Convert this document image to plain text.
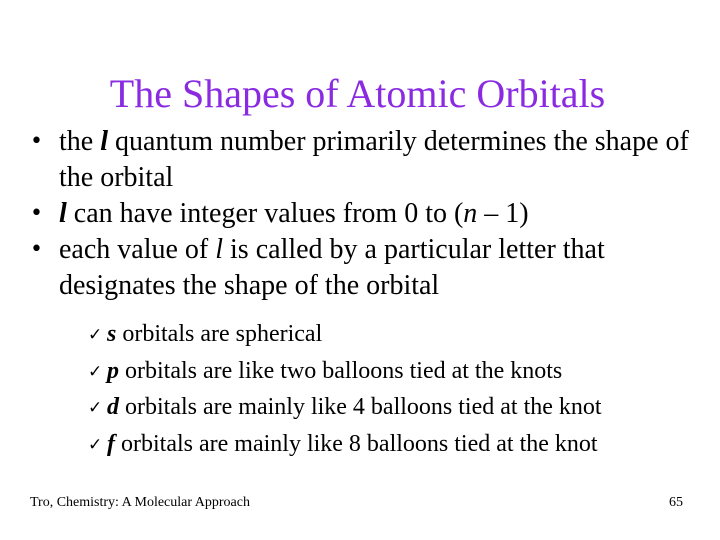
The Shapes of Atomic Orbitals
• the l quantum number primarily determines the shape of the orbital
• l can have integer values from 0 to (n – 1)
• each value of l is called by a particular letter that designates the shape of the orbital
✓ s orbitals are spherical
✓ p orbitals are like two balloons tied at the knots
✓ d orbitals are mainly like 4 balloons tied at the knot
✓ f orbitals are mainly like 8 balloons tied at the knot
Tro, Chemistry: A Molecular Approach	65
